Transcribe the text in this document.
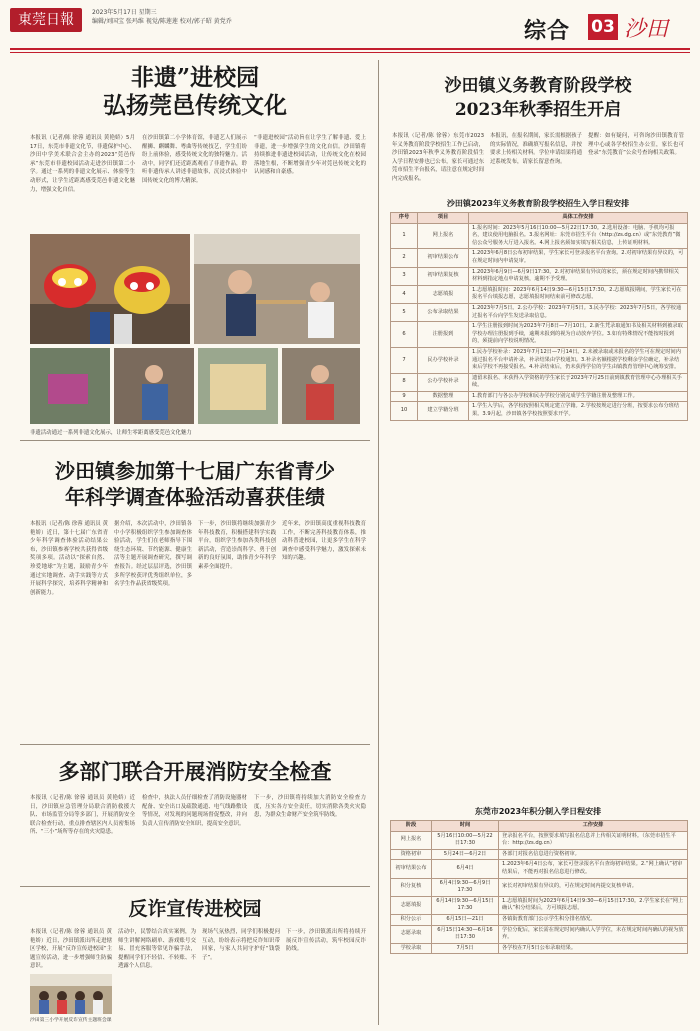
東莞日報	2023年5月17日 星期三
编辑/刘国宝 张玛维 视觉/陈莲莲 校对/郭子昭 黄党乔	综合 03 沙田
非遗”进校园
弘扬莞邑传统文化
本报讯（记者/陈 徐蓉 通讯员 黄艳娇）5月17日，东莞市非遗文化节，非遗保护中心、沙田中学美术联合会主办的2023“莞邑传承”东莞市非遗校园活动走进沙田镇第二小学。通过一系列的非遗文化展示、体验等生动形式，让学生近距离感受莞邑非遗文化魅力，增强文化自信。
在沙田镇第二小学体育馆，非遗艺人们展示醒狮、麒麟舞、粤曲等传统技艺，学生们纷纷上前体验，感受传统文化的独特魅力。活动中，同学们还近距离观看了非遗作品，聆听非遗传承人讲述非遗故事，沉浸式体验中国传统文化的博大精深。
“非遗进校园”活动旨在让学生了解非遗、爱上非遗，进一步增强学生的文化自信。沙田镇将持续推进非遗进校园活动，让传统文化在校园落地生根，不断增强青少年对莞邑传统文化的认同感和自豪感。
非遗活动通过一系列非遗文化展示，让师生零距离感受莞邑文化魅力
沙田镇参加第十七届广东省青少
年科学调查体验活动喜获佳绩
本报讯（记者/陈 徐蓉 通讯员 黄艳娇）近日，第十七届广东省青少年科学调查体验活动结果公布，沙田镇参赛学校共获得省级奖项多项。活动以“探索自然、珍爱地球”为主题，鼓励青少年通过实地调查、动手实践等方式开展科学探究，培养科学精神和创新能力。
据介绍，本次活动中，沙田镇各中小学积极组织学生参加调查体验活动，学生们在老师指导下围绕生态环境、节约能源、健康生活等主题开展调查研究，撰写调查报告。经过层层评选，沙田镇多所学校获评优秀组织单位，多名学生作品获省级奖项。
下一步，沙田镇将继续加强青少年科技教育，积极搭建科学实践平台，组织学生参加各类科技创新活动，营造崇尚科学、勇于创新的良好氛围，助推青少年科学素养全面提升。
近年来，沙田镇高度重视科技教育工作，不断完善科技教育体系，推动科普进校园，让更多学生在科学调查中感受科学魅力，激发探索未知的兴趣。
多部门联合开展消防安全检查
本报讯（记者/陈 徐蓉 通讯员 黄艳娇）近日，沙田镇应急管理分局联合消防救援大队、市场监管分局等多部门，开展消防安全联合检查行动，重点排查辖区内人员密集场所、“三小”场所等存在的火灾隐患。
检查中，执法人员仔细检查了消防设施器材配备、安全出口及疏散通道、电气线路敷设等情况，对发现的问题现场督促整改，并向负责人宣传消防安全知识，提高安全意识。
下一步，沙田镇将持续加大消防安全检查力度，压实各方安全责任，切实消除各类火灾隐患，为群众生命财产安全筑牢防线。
反诈宣传进校园
本报讯（记者/陈 徐蓉 通讯员 黄艳娇）近日，沙田镇派出所走进辖区学校，开展“反诈宣传进校园”主题宣传活动，进一步增强师生防骗意识。
沙田第三小学开展反诈宣传主题班会课
活动中，民警结合真实案例，为师生讲解网络刷单、游戏账号交易、冒充客服等常见诈骗手法，提醒同学们不轻信、不转账、不透露个人信息。
现场气氛热烈，同学们积极提问互动，纷纷表示将把反诈知识带回家，与家人共同守护好“钱袋子”。
下一步，沙田镇派出所将持续开展反诈宣传活动，筑牢校园反诈防线。
沙田镇义务教育阶段学校
2023年秋季招生开启
本报讯（记者/陈 徐蓉）东莞市2023年义务教育阶段学校招生工作已启动，沙田镇2023年秋季义务教育阶段招生入学日程安排也已公布，家长可通过东莞市招生平台报名，请注意在规定时间内完成报名。
本报讯，在报名期间，家长需根据孩子的实际情况，准确填写报名信息，并按要求上传相关材料。学位申请结果将通过系统发布，请家长留意查询。
提醒：如有疑问，可咨询沙田镇教育管理中心或各学校招生办公室，家长也可登录“东莞教育”公众号查询相关政策。
沙田镇2023年义务教育阶段学校招生入学日程安排
序号	项目	具体工作安排
1	网上报名	1.报名时间：2023年5月16日10:00—5月22日17:30。2.选用设备：电脑、手机均可报名，建议使用电脑报名。3.报名网址：东莞市招生平台（http://zs.dg.cn）或“东莞教育”微信公众号服务大厅进入报名。4.网上报名须如实填写相关信息，上传证明材料。
2	初审结果公布	1.2023年6月8日公布初审结果，学生家长可登录报名平台查询。2.对初审结果有异议的，可在规定时间内申请复审。
3	初审结果复核	1.2023年6月9日—6月9日17:30。2.对初审结果有异议的家长，须在规定时间内携带相关材料到指定地点申请复核，逾期不予受理。
4	志愿填报	1.志愿填报时间：2023年6月14日9:30—6月15日17:30。2.志愿填报期间，学生家长可在报名平台填报志愿，志愿填报时间结束前可修改志愿。
5	公布录取结果	1.2023年7月5日。2.公办学校：2023年7月5日。3.民办学校：2023年7月5日，各学校通过报名平台向学生发送录取信息。
6	注册报到	1.学生注册报到时间为2023年7月8日—7月10日。2.新生凭录取通知书及相关材料到被录取学校办理注册报到手续，逾期未报到的视为自动放弃学位。3.如有特殊情况不能按时报到的，须提前向学校说明情况。
7	民办学校补录	1.民办学校补录：2023年7月12日—7月14日。2.未被录取或未报名的学生可在规定时间内通过报名平台申请补录，补录结果由学校通知。3.补录名额根据学校剩余学位确定，补录结束后学校不再接受报名。4.补录结束后，仍未获得学位的学生由镇教育管理中心统筹安排。
8	公办学校补录	遗留未报名、未获得入学资格的学生家长于2023年7月25日前到镇教育管理中心办理相关手续。
9	数据整理	1.教育部门与各公办学校和民办学校分别完成学生学籍注册及整理工作。
10	建立学籍分班	1.学生入学后，各学校按照相关规定建立学籍。2.学校按规定进行分班，按要求公布分班结果。3.9月起，沙田镇各学校按照要求开学。
东莞市2023年积分制入学日程安排
阶段	时间	工作安排
网上报名	5月16日10:00—5月22日17:30	登录报名平台，按照要求填写报名信息并上传相关证明材料。（东莞市招生平台：http://zs.dg.cn）
资格初审	5月24日—6月2日	各部门对报名信息进行资格初审。
初审结果公布	6月4日	1.2023年6月4日公布，家长可登录报名平台查询初审结果。2.“网上确认”初审结果后，不能再对报名信息进行修改。
积分复核	6月4日9:30—6月9日17:30	家长对初审结果有异议的，可在规定时间内提交复核申请。
志愿填报	6月14日9:30—6月15日17:30	1.志愿填报时间为2023年6月14日9:30—6月15日17:30。2.学生家长在“网上确认”积分结果后，方可填报志愿。
积分公示	6月15日—21日	各镇街教育部门公示学生积分排名情况。
志愿录取	6月15日14:30—6月16日17:30	学位分配后，家长需在规定时间内确认入学学位，未在规定时间内确认的视为放弃。
学校录取	7月5日	各学校在7月5日公布录取结果。
